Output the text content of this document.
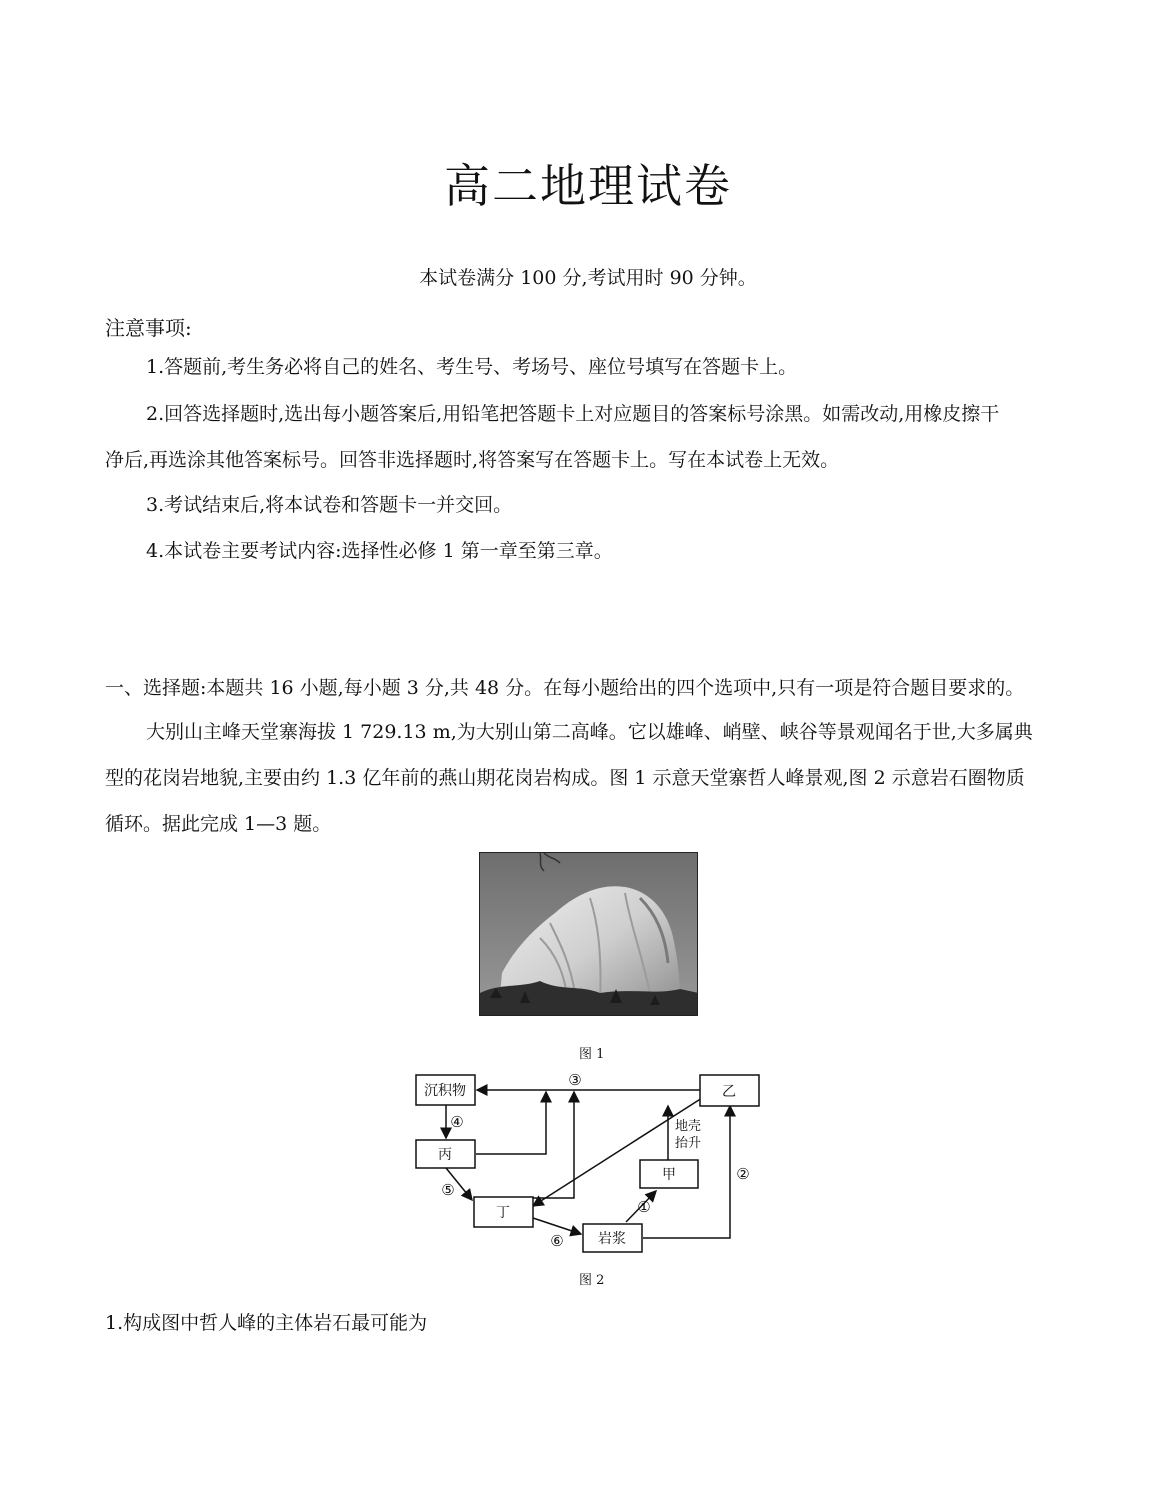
高二地理试卷
本试卷满分 100 分,考试用时 90 分钟。
注意事项:
1.答题前,考生务必将自己的姓名、考生号、考场号、座位号填写在答题卡上。
2.回答选择题时,选出每小题答案后,用铅笔把答题卡上对应题目的答案标号涂黑。如需改动,用橡皮擦干
净后,再选涂其他答案标号。回答非选择题时,将答案写在答题卡上。写在本试卷上无效。
3.考试结束后,将本试卷和答题卡一并交回。
4.本试卷主要考试内容:选择性必修 1 第一章至第三章。
一、选择题:本题共 16 小题,每小题 3 分,共 48 分。在每小题给出的四个选项中,只有一项是符合题目要求的。
大别山主峰天堂寨海拔 1 729.13 m,为大别山第二高峰。它以雄峰、峭壁、峡谷等景观闻名于世,大多属典
型的花岗岩地貌,主要由约 1.3 亿年前的燕山期花岗岩构成。图 1 示意天堂寨哲人峰景观,图 2 示意岩石圈物质
循环。据此完成 1—3 题。
图 1
沉积物
丙
丁
岩浆
甲
乙
③
④
⑤
⑥
①
②
地壳
抬升
图 2
1.构成图中哲人峰的主体岩石最可能为
